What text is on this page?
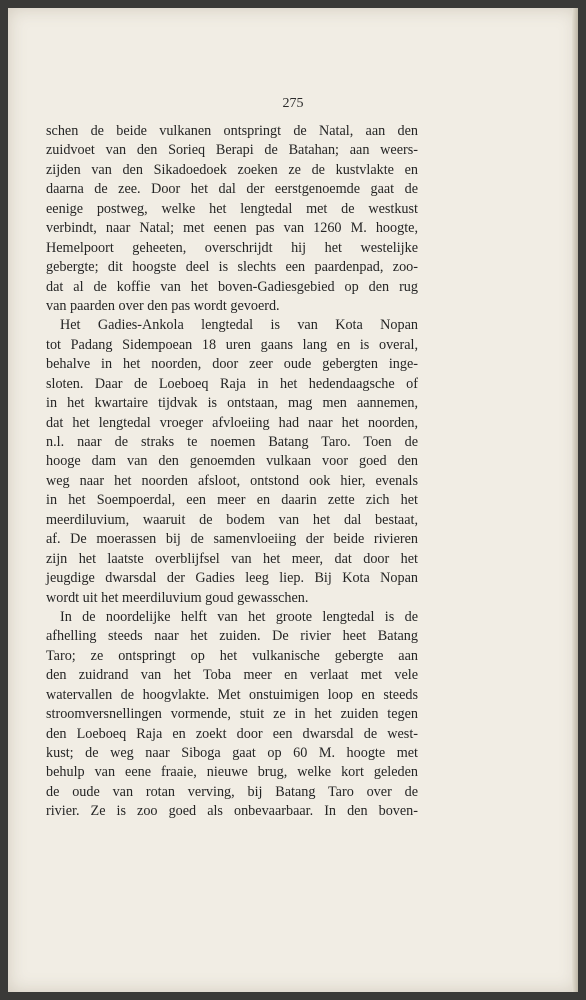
275
schen de beide vulkanen ontspringt de Natal, aan den
zuidvoet van den Sorieq Berapi de Batahan; aan weers-
zijden van den Sikadoedoek zoeken ze de kustvlakte en
daarna de zee. Door het dal der eerstgenoemde gaat de
eenige postweg, welke het lengtedal met de westkust
verbindt, naar Natal; met eenen pas van 1260 M. hoogte,
Hemelpoort geheeten, overschrijdt hij het westelijke
gebergte; dit hoogste deel is slechts een paardenpad, zoo-
dat al de koffie van het boven-Gadiesgebied op den rug
van paarden over den pas wordt gevoerd.
Het Gadies-Ankola lengtedal is van Kota Nopan
tot Padang Sidempoean 18 uren gaans lang en is overal,
behalve in het noorden, door zeer oude gebergten inge-
sloten. Daar de Loeboeq Raja in het hedendaagsche of
in het kwartaire tijdvak is ontstaan, mag men aannemen,
dat het lengtedal vroeger afvloeiing had naar het noorden,
n.l. naar de straks te noemen Batang Taro. Toen de
hooge dam van den genoemden vulkaan voor goed den
weg naar het noorden afsloot, ontstond ook hier, evenals
in het Soempoerdal, een meer en daarin zette zich het
meerdiluvium, waaruit de bodem van het dal bestaat,
af. De moerassen bij de samenvloeiing der beide rivieren
zijn het laatste overblijfsel van het meer, dat door het
jeugdige dwarsdal der Gadies leeg liep. Bij Kota Nopan
wordt uit het meerdiluvium goud gewasschen.
In de noordelijke helft van het groote lengtedal is de
afhelling steeds naar het zuiden. De rivier heet Batang
Taro; ze ontspringt op het vulkanische gebergte aan
den zuidrand van het Toba meer en verlaat met vele
watervallen de hoogvlakte. Met onstuimigen loop en steeds
stroomversnellingen vormende, stuit ze in het zuiden tegen
den Loeboeq Raja en zoekt door een dwarsdal de west-
kust; de weg naar Siboga gaat op 60 M. hoogte met
behulp van eene fraaie, nieuwe brug, welke kort geleden
de oude van rotan verving, bij Batang Taro over de
rivier. Ze is zoo goed als onbevaarbaar. In den boven-
